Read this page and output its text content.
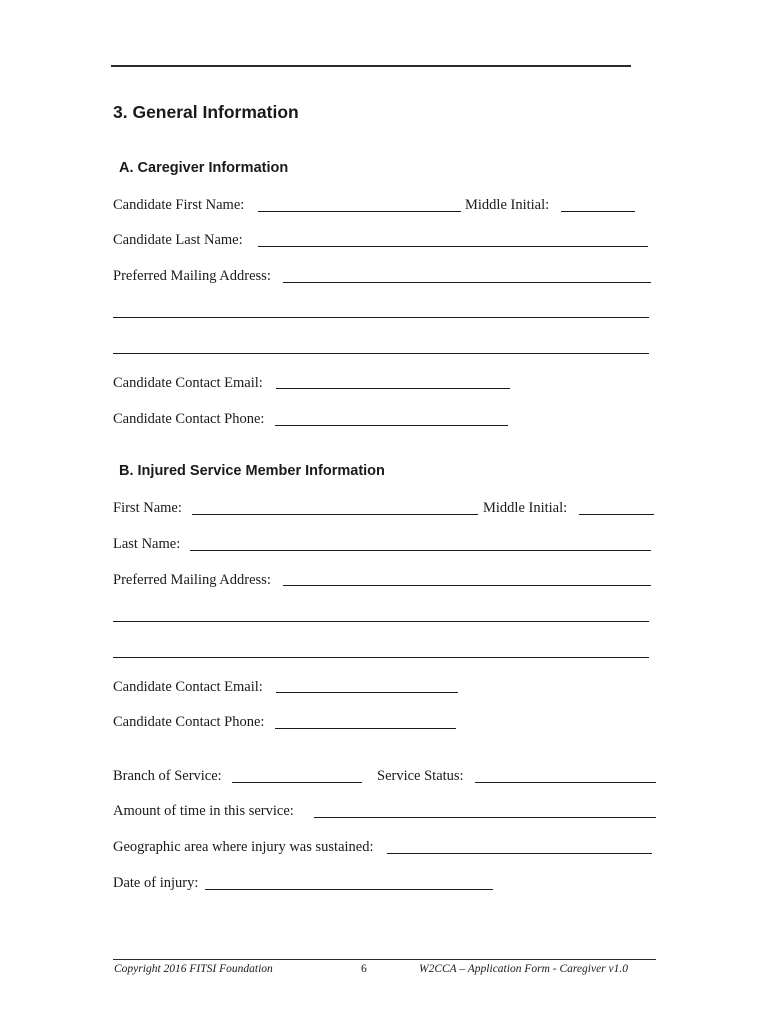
3. General Information
A. Caregiver Information
Candidate First Name:	Middle Initial:
Candidate Last Name:
Preferred Mailing Address:
Candidate Contact Email:
Candidate Contact Phone:
B. Injured Service Member Information
First Name:	Middle Initial:
Last Name:
Preferred Mailing Address:
Candidate Contact Email:
Candidate Contact Phone:
Branch of Service:	Service Status:
Amount of time in this service:
Geographic area where injury was sustained:
Date of injury:
Copyright 2016 FITSI Foundation	6	W2CCA – Application Form - Caregiver v1.0
